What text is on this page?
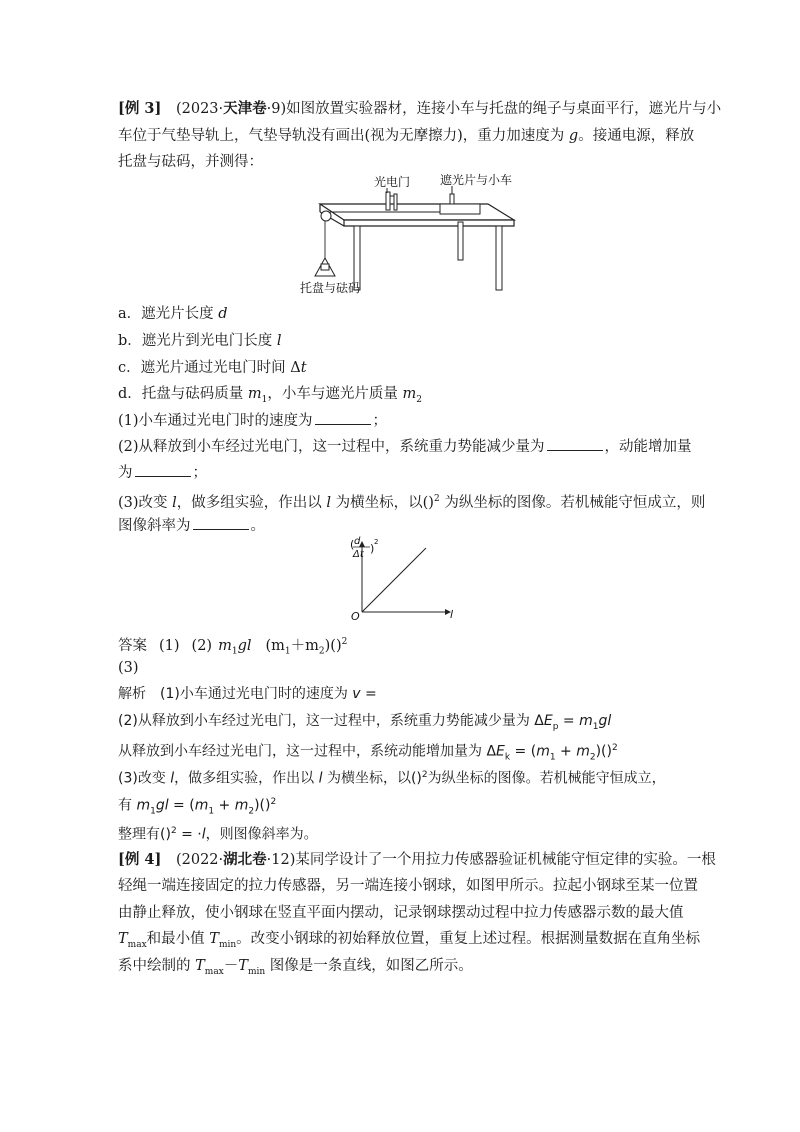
[例 3] (2023·天津卷·9)如图放置实验器材，连接小车与托盘的绳子与桌面平行，遮光片与小
车位于气垫导轨上，气垫导轨没有画出(视为无摩擦力)，重力加速度为 g。接通电源，释放
托盘与砝码，并测得：
光电门 遮光片与小车
托盘与砝码
a．遮光片长度 d
b．遮光片到光电门长度 l
c．遮光片通过光电门时间 Δt
d．托盘与砝码质量 $m_1$，小车与遮光片质量 $m_2$
(1)小车通过光电门时的速度为	；
(2)从释放到小车经过光电门，这一过程中，系统重力势能减少量为	，动能增加量
为	；
(3)改变 l，做多组实验，作出以 l 为横坐标，以()$^2$ 为纵坐标的图像。若机械能守恒成立，则
图像斜率为	。
( d
Δt ) 2
O	l
答案 (1) (2) $m_1gl$ $(m_1+m_2)()^2$
(3)
解析 (1)小车通过光电门时的速度为 v =
(2)从释放到小车经过光电门，这一过程中，系统重力势能减少量为 $\Delta E_p = m_1gl$
从释放到小车经过光电门，这一过程中，系统动能增加量为 $\Delta E_k = (m_1 + m_2)()^2$
(3)改变 l，做多组实验，作出以 l 为横坐标，以()$^2$为纵坐标的图像。若机械能守恒成立，
有 $m_1gl = (m_1 + m_2)()^2$
整理有()$^2$ = ·l，则图像斜率为。
[例 4] (2022·湖北卷·12)某同学设计了一个用拉力传感器验证机械能守恒定律的实验。一根
轻绳一端连接固定的拉力传感器，另一端连接小钢球，如图甲所示。拉起小钢球至某一位置
由静止释放，使小钢球在竖直平面内摆动，记录钢球摆动过程中拉力传感器示数的最大值
$T_{max}$和最小值 $T_{min}$。改变小钢球的初始释放位置，重复上述过程。根据测量数据在直角坐标
系中绘制的 $T_{max}-T_{min}$ 图像是一条直线，如图乙所示。
